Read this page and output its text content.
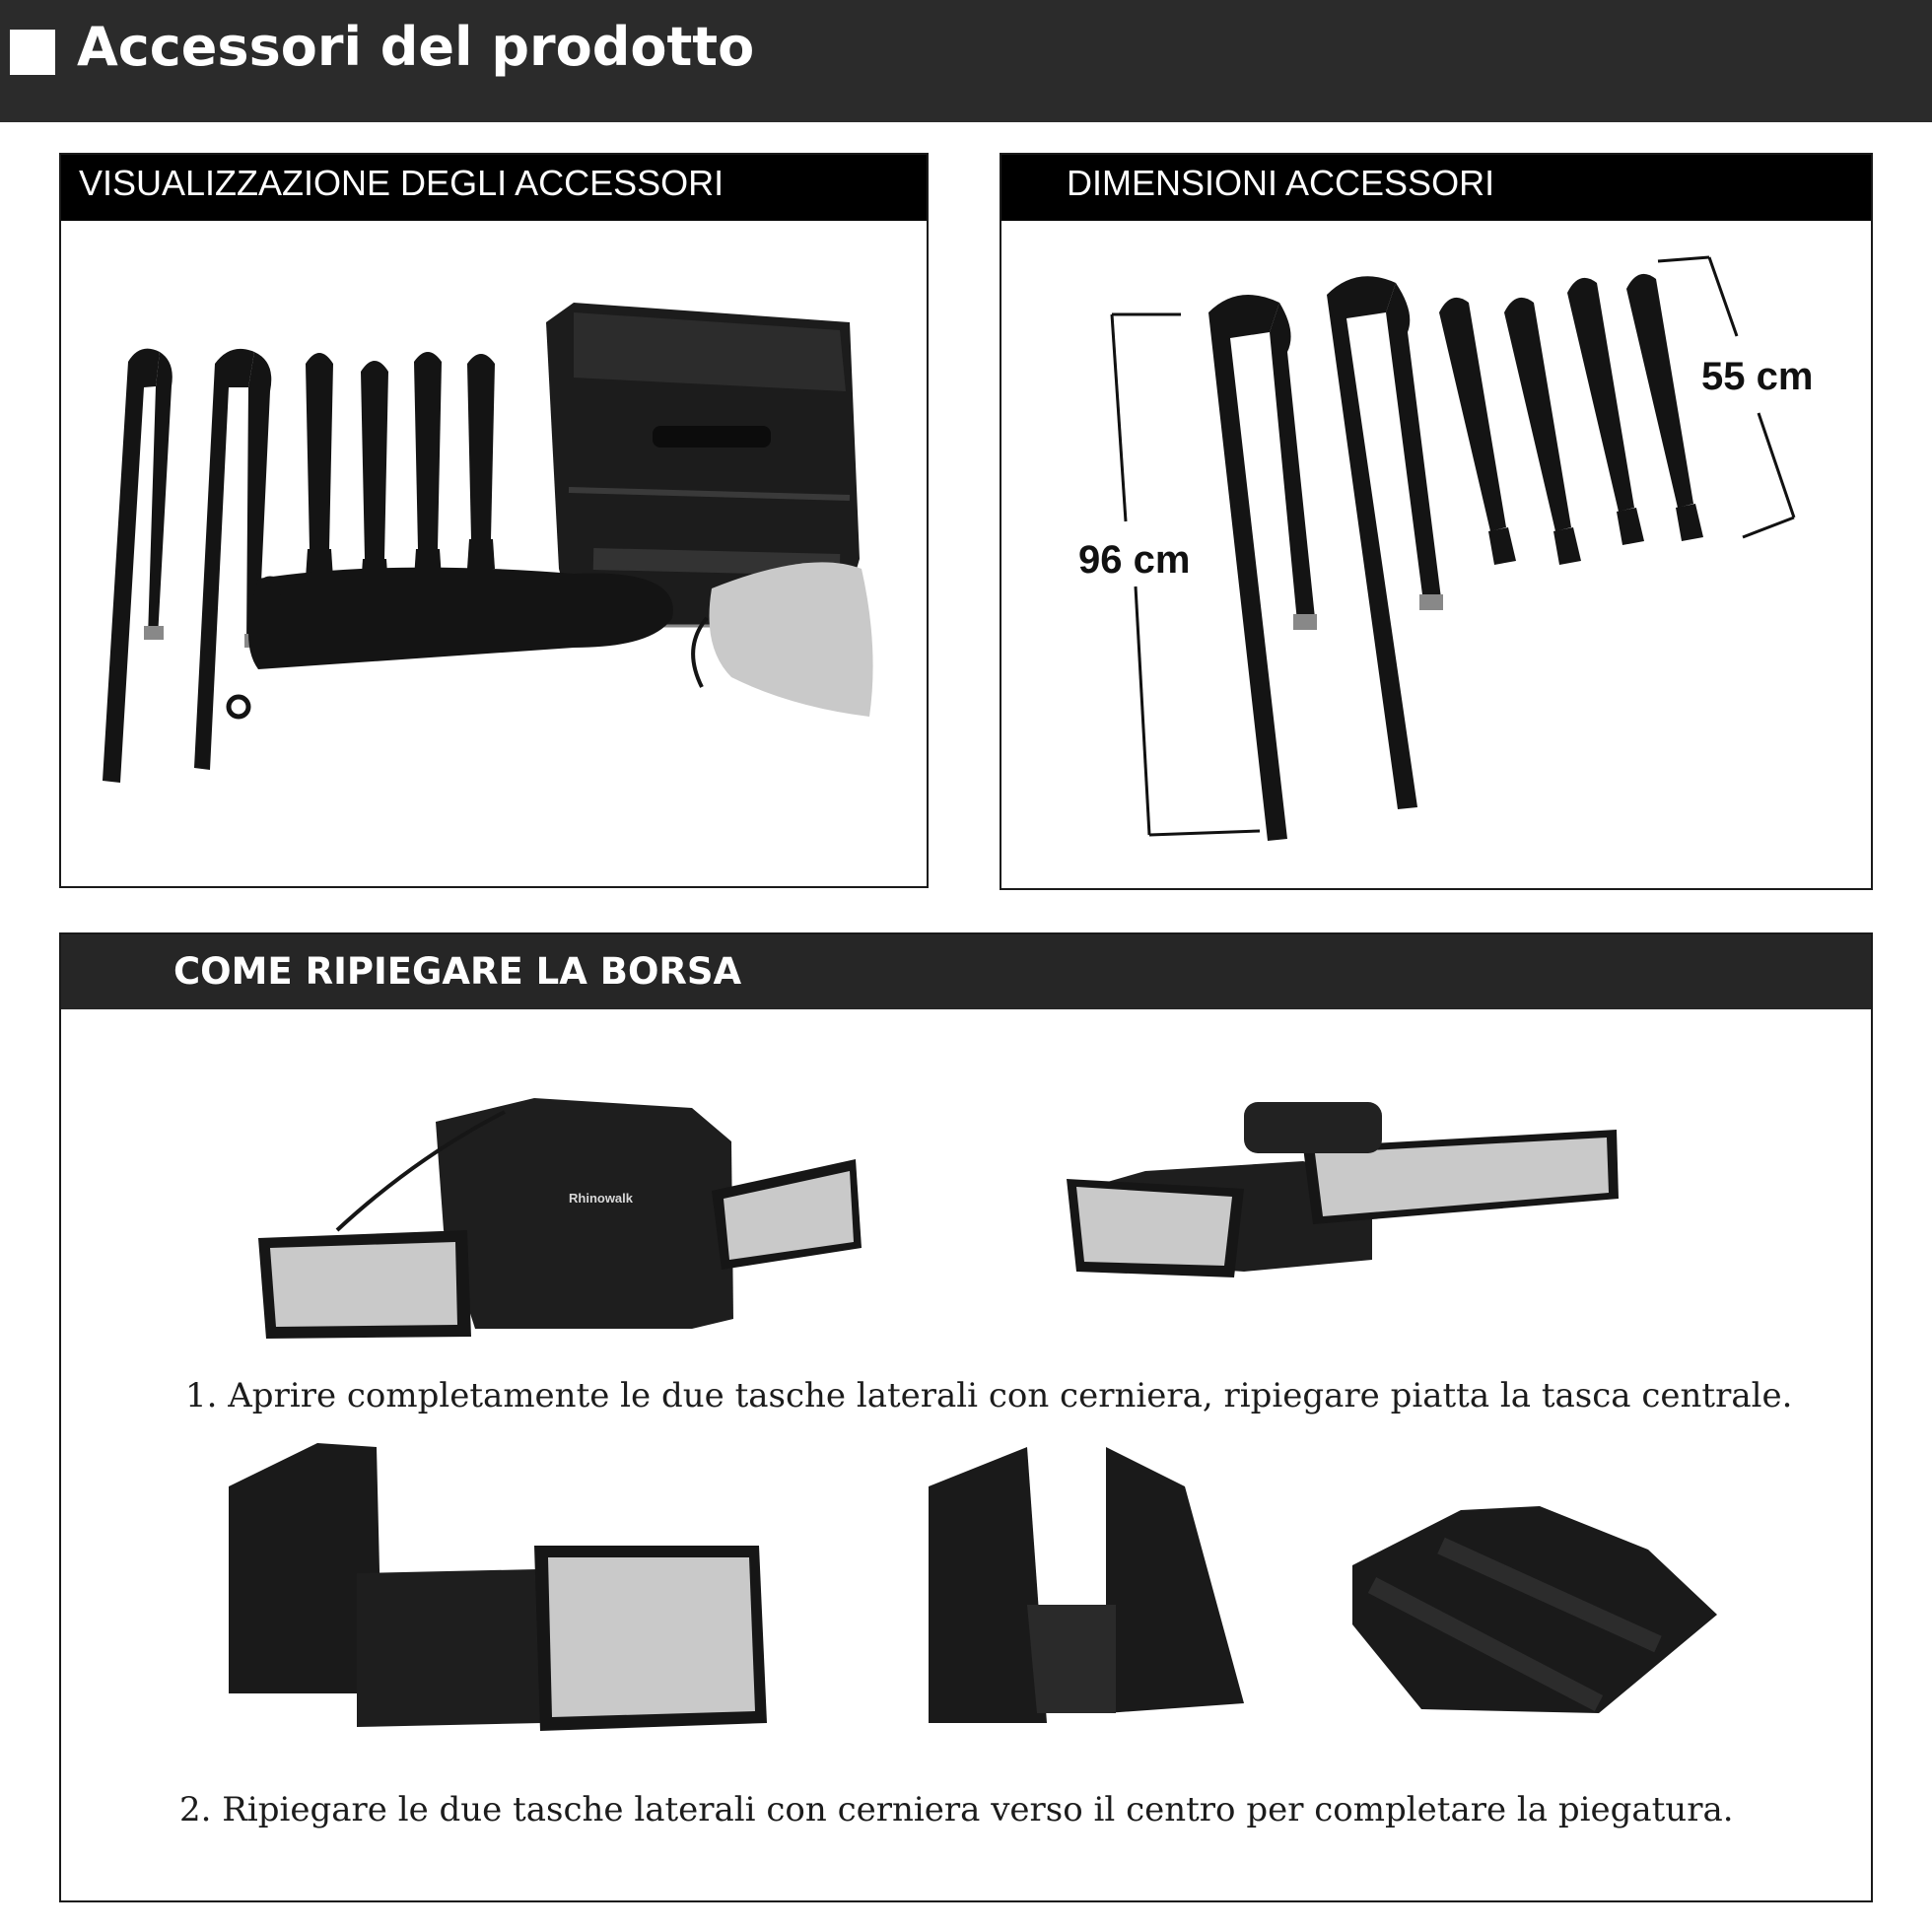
Accessori del prodotto
VISUALIZZAZIONE DEGLI ACCESSORI	DIMENSIONI ACCESSORI
96 cm
55 cm
COME RIPIEGARE LA BORSA
Rhinowalk
1. Aprire completamente le due tasche laterali con cerniera, ripiegare piatta la tasca centrale.
2. Ripiegare le due tasche laterali con cerniera verso il centro per completare la piegatura.
